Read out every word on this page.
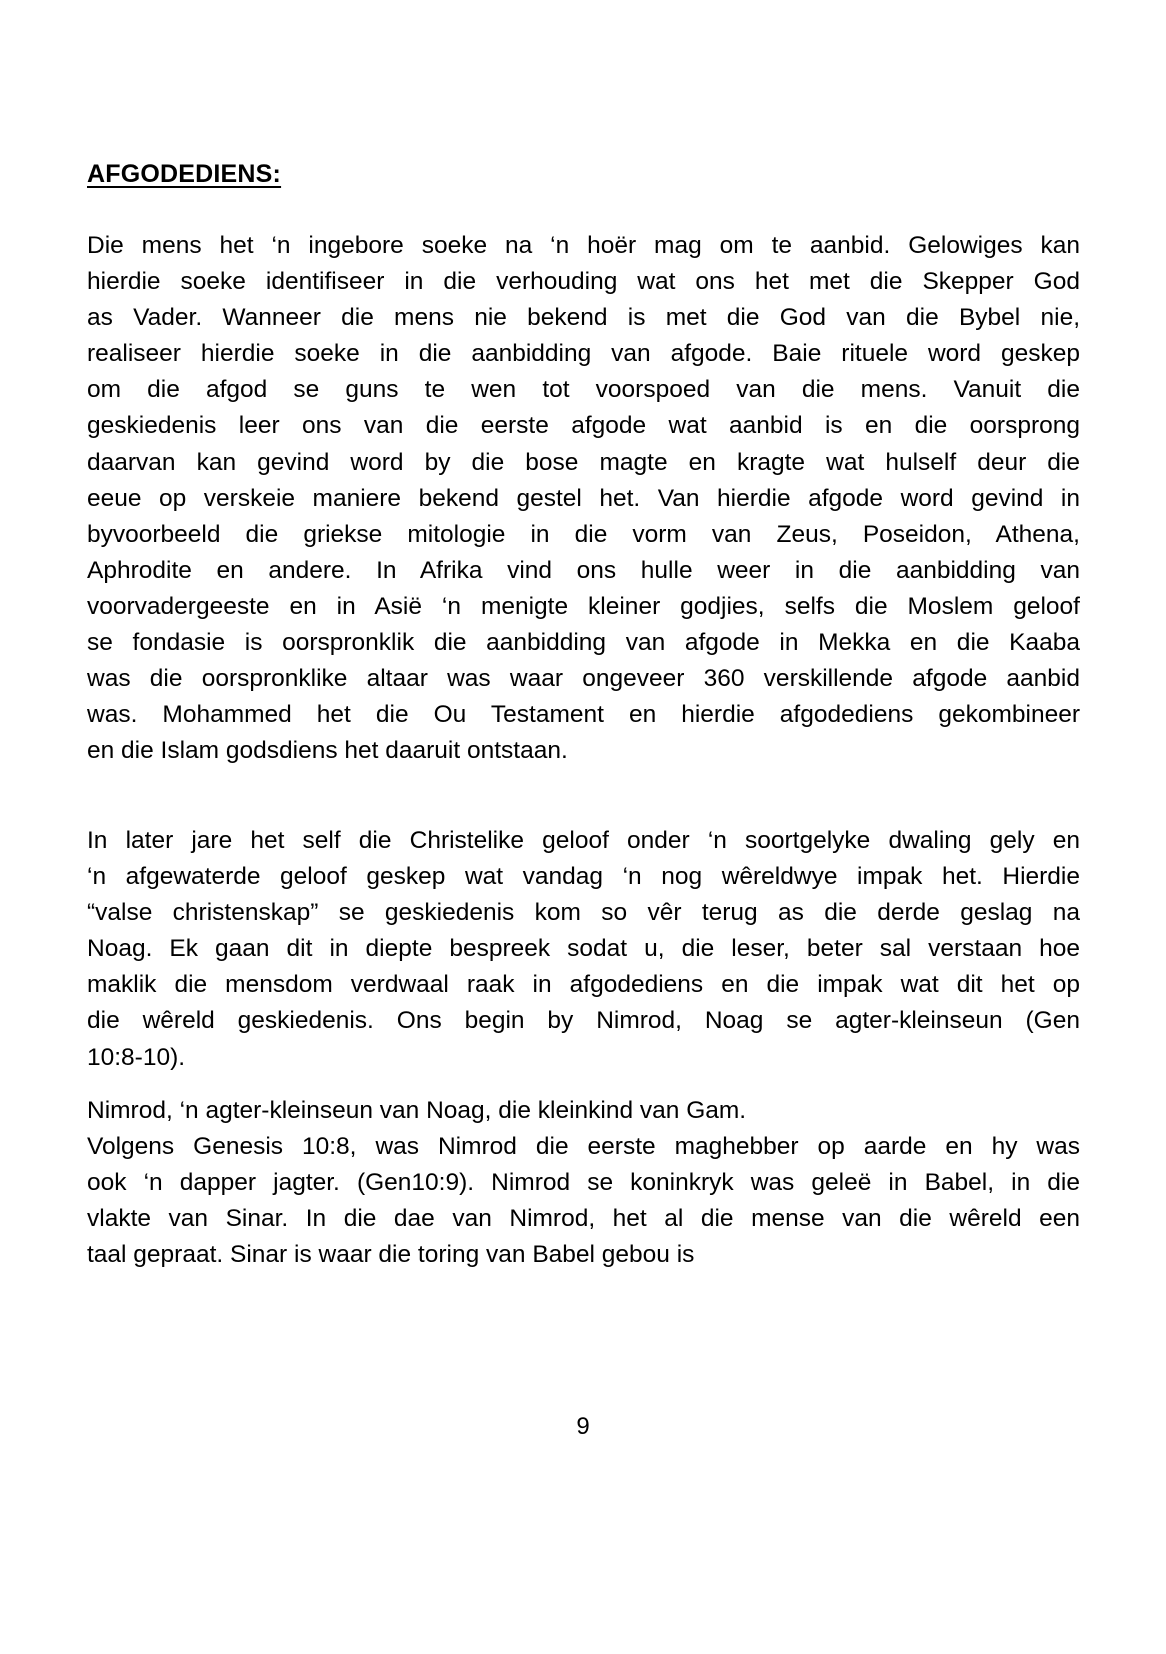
AFGODEDIENS:
Die mens het ‘n ingebore soeke na ‘n hoër mag om te aanbid. Gelowiges kan
hierdie soeke identifiseer in die verhouding wat ons het met die Skepper God
as Vader. Wanneer die mens nie bekend is met die God van die Bybel nie,
realiseer hierdie soeke in die aanbidding van afgode. Baie rituele word geskep
om die afgod se guns te wen tot voorspoed van die mens. Vanuit die
geskiedenis leer ons van die eerste afgode wat aanbid is en die oorsprong
daarvan kan gevind word by die bose magte en kragte wat hulself deur die
eeue op verskeie maniere bekend gestel het. Van hierdie afgode word gevind in
byvoorbeeld die griekse mitologie in die vorm van Zeus, Poseidon, Athena,
Aphrodite en andere. In Afrika vind ons hulle weer in die aanbidding van
voorvadergeeste en in Asië ‘n menigte kleiner godjies, selfs die Moslem geloof
se fondasie is oorspronklik die aanbidding van afgode in Mekka en die Kaaba
was die oorspronklike altaar was waar ongeveer 360 verskillende afgode aanbid
was. Mohammed het die Ou Testament en hierdie afgodediens gekombineer
en die Islam godsdiens het daaruit ontstaan.
In later jare het self die Christelike geloof onder ‘n soortgelyke dwaling gely en
‘n afgewaterde geloof geskep wat vandag ‘n nog wêreldwye impak het. Hierdie
“valse christenskap” se geskiedenis kom so vêr terug as die derde geslag na
Noag. Ek gaan dit in diepte bespreek sodat u, die leser, beter sal verstaan hoe
maklik die mensdom verdwaal raak in afgodediens en die impak wat dit het op
die wêreld geskiedenis. Ons begin by Nimrod, Noag se agter-kleinseun (Gen
10:8-10).
Nimrod, ‘n agter-kleinseun van Noag, die kleinkind van Gam.
Volgens Genesis 10:8, was Nimrod die eerste maghebber op aarde en hy was
ook ‘n dapper jagter. (Gen10:9). Nimrod se koninkryk was geleë in Babel, in die
vlakte van Sinar. In die dae van Nimrod, het al die mense van die wêreld een
taal gepraat. Sinar is waar die toring van Babel gebou is
9
